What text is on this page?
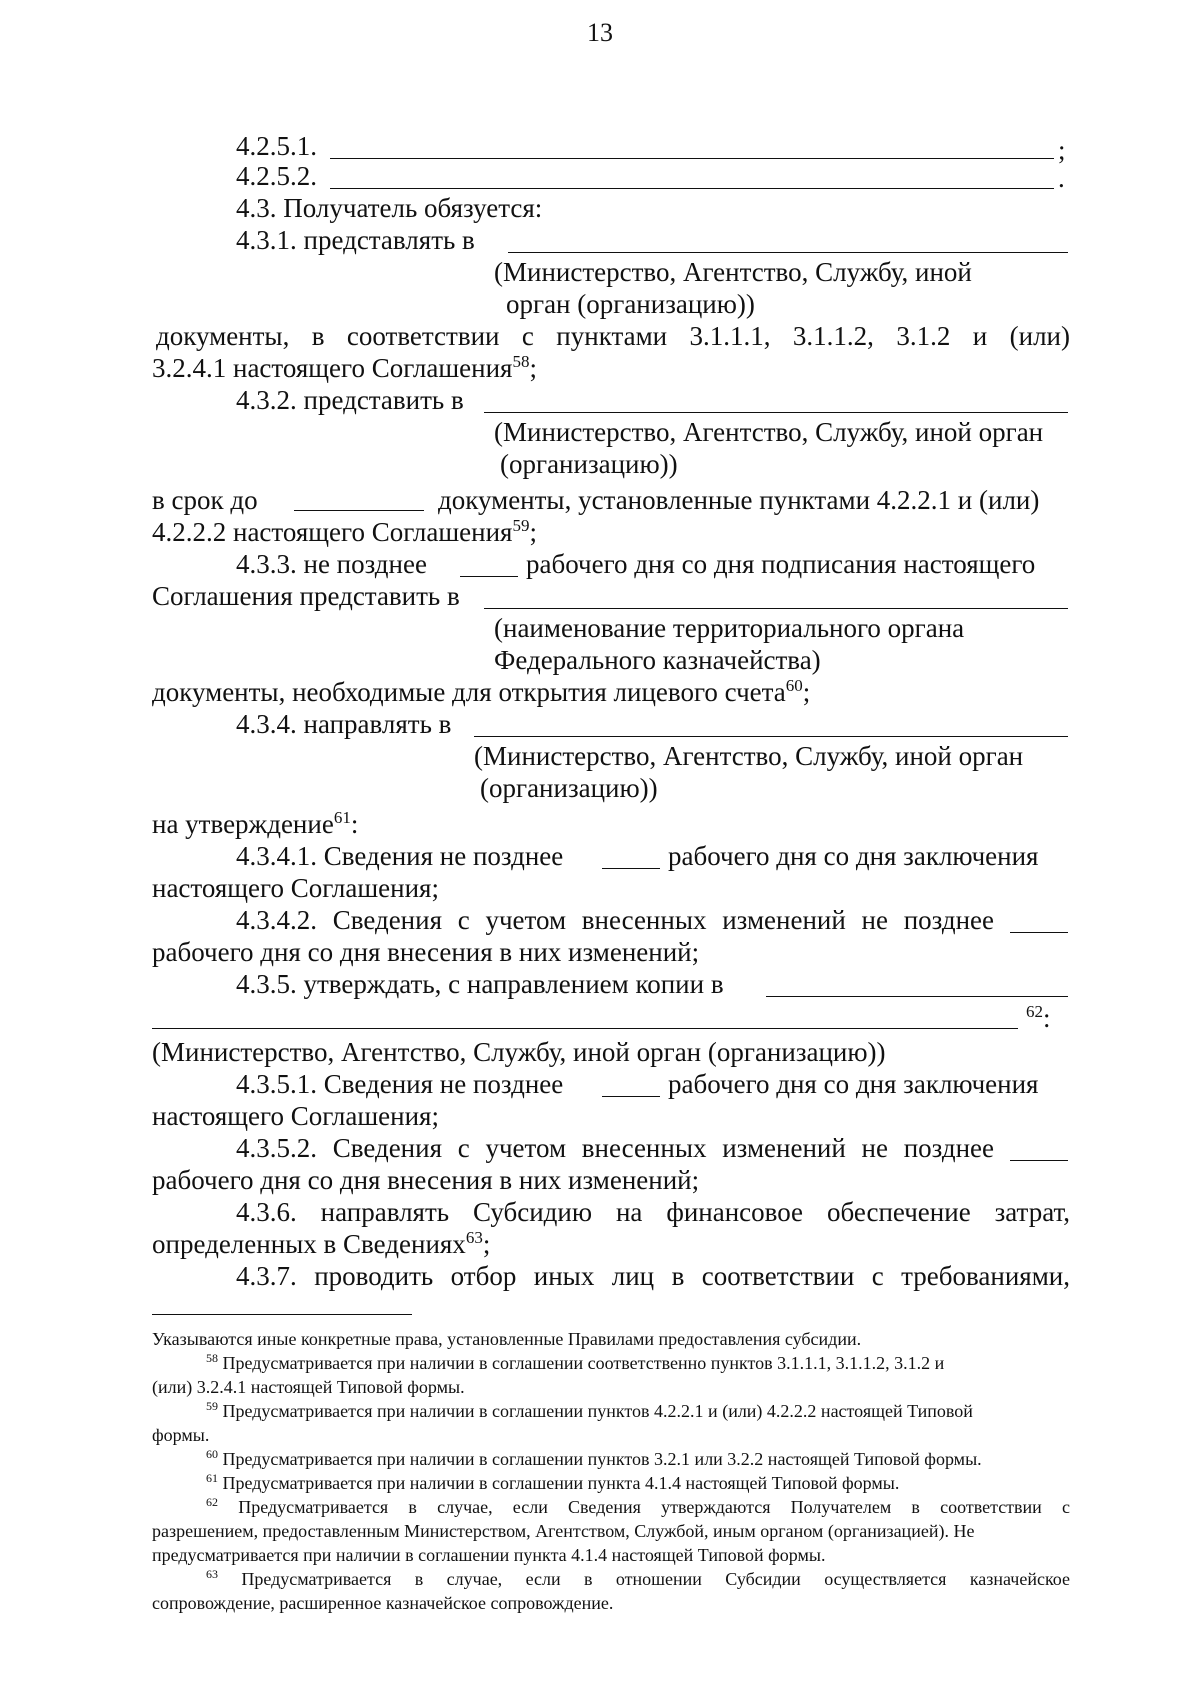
13
4.2.5.1.	;
4.2.5.2.	.
4.3. Получатель обязуется:
4.3.1. представлять в
(Министерство, Агентство, Службу, иной
орган (организацию))
документы, в соответствии с пунктами 3.1.1.1, 3.1.1.2, 3.1.2 и (или)
3.2.4.1 настоящего Соглашения$^{58}$;
4.3.2. представить в
(Министерство, Агентство, Службу, иной орган
(организацию))
в срок до	документы, установленные пунктами 4.2.2.1 и (или)
4.2.2.2 настоящего Соглашения$^{59}$;
4.3.3. не позднее	рабочего дня со дня подписания настоящего
Соглашения представить в
(наименование территориального органа
Федерального казначейства)
документы, необходимые для открытия лицевого счета$^{60}$;
4.3.4. направлять в
(Министерство, Агентство, Службу, иной орган
(организацию))
на утверждение$^{61}$:
4.3.4.1. Сведения не позднее	рабочего дня со дня заключения
настоящего Соглашения;
4.3.4.2. Сведения с учетом внесенных изменений не позднее
рабочего дня со дня внесения в них изменений;
4.3.5. утверждать, с направлением копии в
$^{62}$:
(Министерство, Агентство, Службу, иной орган (организацию))
4.3.5.1. Сведения не позднее	рабочего дня со дня заключения
настоящего Соглашения;
4.3.5.2. Сведения с учетом внесенных изменений не позднее
рабочего дня со дня внесения в них изменений;
4.3.6. направлять Субсидию на финансовое обеспечение затрат,
определенных в Сведениях$^{63}$;
4.3.7. проводить отбор иных лиц в соответствии с требованиями,
Указываются иные конкретные права, установленные Правилами предоставления субсидии.
$^{58}$ Предусматривается при наличии в соглашении соответственно пунктов 3.1.1.1, 3.1.1.2, 3.1.2 и
(или) 3.2.4.1 настоящей Типовой формы.
$^{59}$ Предусматривается при наличии в соглашении пунктов 4.2.2.1 и (или) 4.2.2.2 настоящей Типовой
формы.
$^{60}$ Предусматривается при наличии в соглашении пунктов 3.2.1 или 3.2.2 настоящей Типовой формы.
$^{61}$ Предусматривается при наличии в соглашении пункта 4.1.4 настоящей Типовой формы.
$^{62}$ Предусматривается в случае, если Сведения утверждаются Получателем в соответствии с
разрешением, предоставленным Министерством, Агентством, Службой, иным органом (организацией). Не
предусматривается при наличии в соглашении пункта 4.1.4 настоящей Типовой формы.
$^{63}$ Предусматривается в случае, если в отношении Субсидии осуществляется казначейское
сопровождение, расширенное казначейское сопровождение.
